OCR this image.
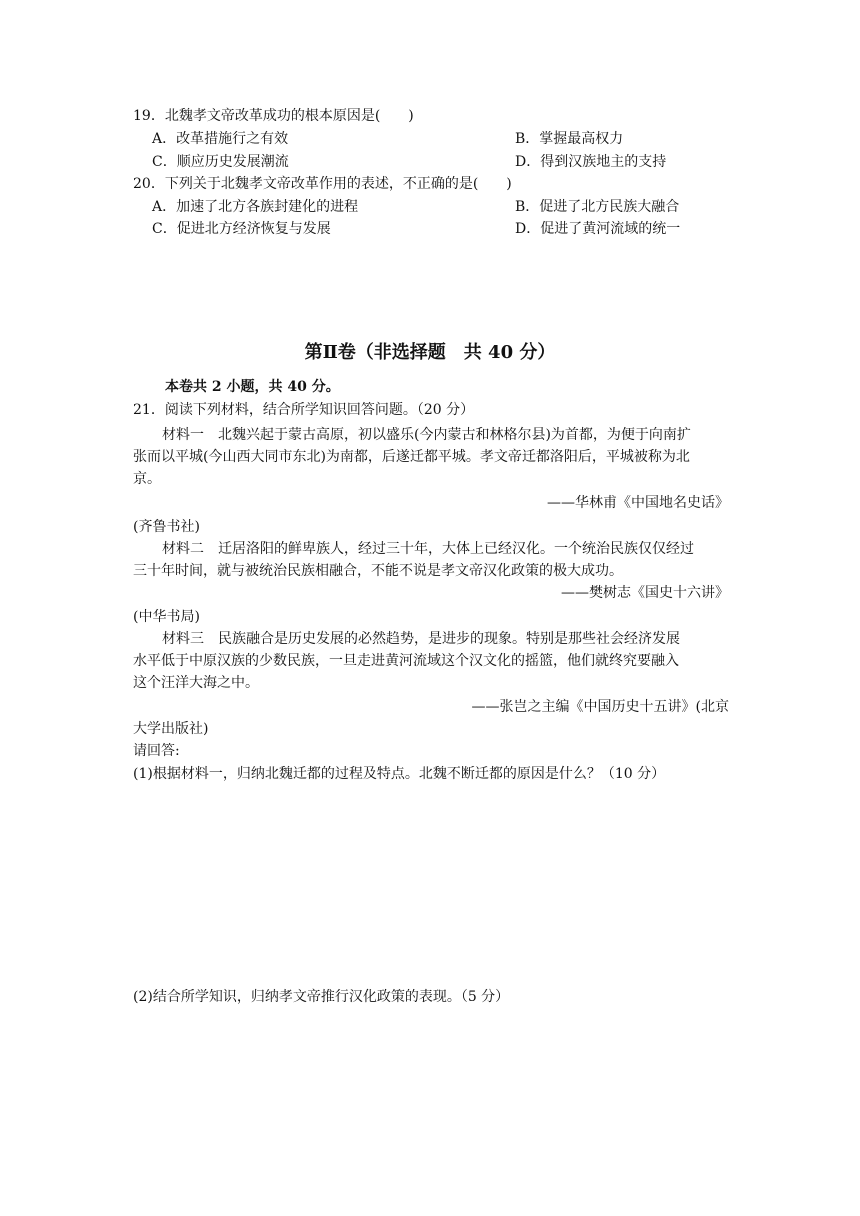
19．北魏孝文帝改革成功的根本原因是(　　)
A．改革措施行之有效	B．掌握最高权力
C．顺应历史发展潮流	D．得到汉族地主的支持
20．下列关于北魏孝文帝改革作用的表述，不正确的是(　　)
A．加速了北方各族封建化的进程	B．促进了北方民族大融合
C．促进北方经济恢复与发展	D．促进了黄河流域的统一
第Ⅱ卷（非选择题　共 40 分）
本卷共 2 小题，共 40 分。
21．阅读下列材料，结合所学知识回答问题。（20 分）
材料一　北魏兴起于蒙古高原，初以盛乐(今内蒙古和林格尔县)为首都，为便于向南扩
张而以平城(今山西大同市东北)为南都，后遂迁都平城。孝文帝迁都洛阳后，平城被称为北
京。
——华林甫《中国地名史话》
(齐鲁书社)
材料二　迁居洛阳的鲜卑族人，经过三十年，大体上已经汉化。一个统治民族仅仅经过
三十年时间，就与被统治民族相融合，不能不说是孝文帝汉化政策的极大成功。
——樊树志《国史十六讲》
(中华书局)
材料三　民族融合是历史发展的必然趋势，是进步的现象。特别是那些社会经济发展
水平低于中原汉族的少数民族，一旦走进黄河流域这个汉文化的摇篮，他们就终究要融入
这个汪洋大海之中。
——张岂之主编《中国历史十五讲》(北京
大学出版社)
请回答:
(1)根据材料一，归纳北魏迁都的过程及特点。北魏不断迁都的原因是什么？（10 分）
(2)结合所学知识，归纳孝文帝推行汉化政策的表现。（5 分）
